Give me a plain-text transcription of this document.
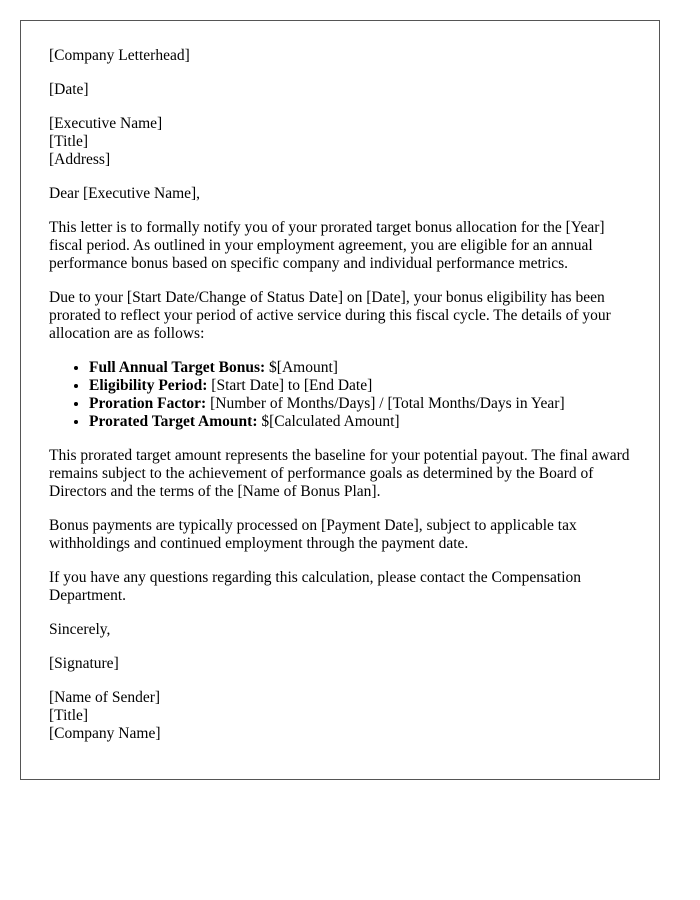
[Company Letterhead]

[Date]

[Executive Name]
[Title]
[Address]

Dear [Executive Name],

This letter is to formally notify you of your prorated target bonus allocation for the [Year] fiscal period. As outlined in your employment agreement, you are eligible for an annual performance bonus based on specific company and individual performance metrics.

Due to your [Start Date/Change of Status Date] on [Date], your bonus eligibility has been prorated to reflect your period of active service during this fiscal cycle. The details of your allocation are as follows:

• Full Annual Target Bonus: $[Amount]
• Eligibility Period: [Start Date] to [End Date]
• Proration Factor: [Number of Months/Days] / [Total Months/Days in Year]
• Prorated Target Amount: $[Calculated Amount]

This prorated target amount represents the baseline for your potential payout. The final award remains subject to the achievement of performance goals as determined by the Board of Directors and the terms of the [Name of Bonus Plan].

Bonus payments are typically processed on [Payment Date], subject to applicable tax withholdings and continued employment through the payment date.

If you have any questions regarding this calculation, please contact the Compensation Department.

Sincerely,

[Signature]

[Name of Sender]
[Title]
[Company Name]
